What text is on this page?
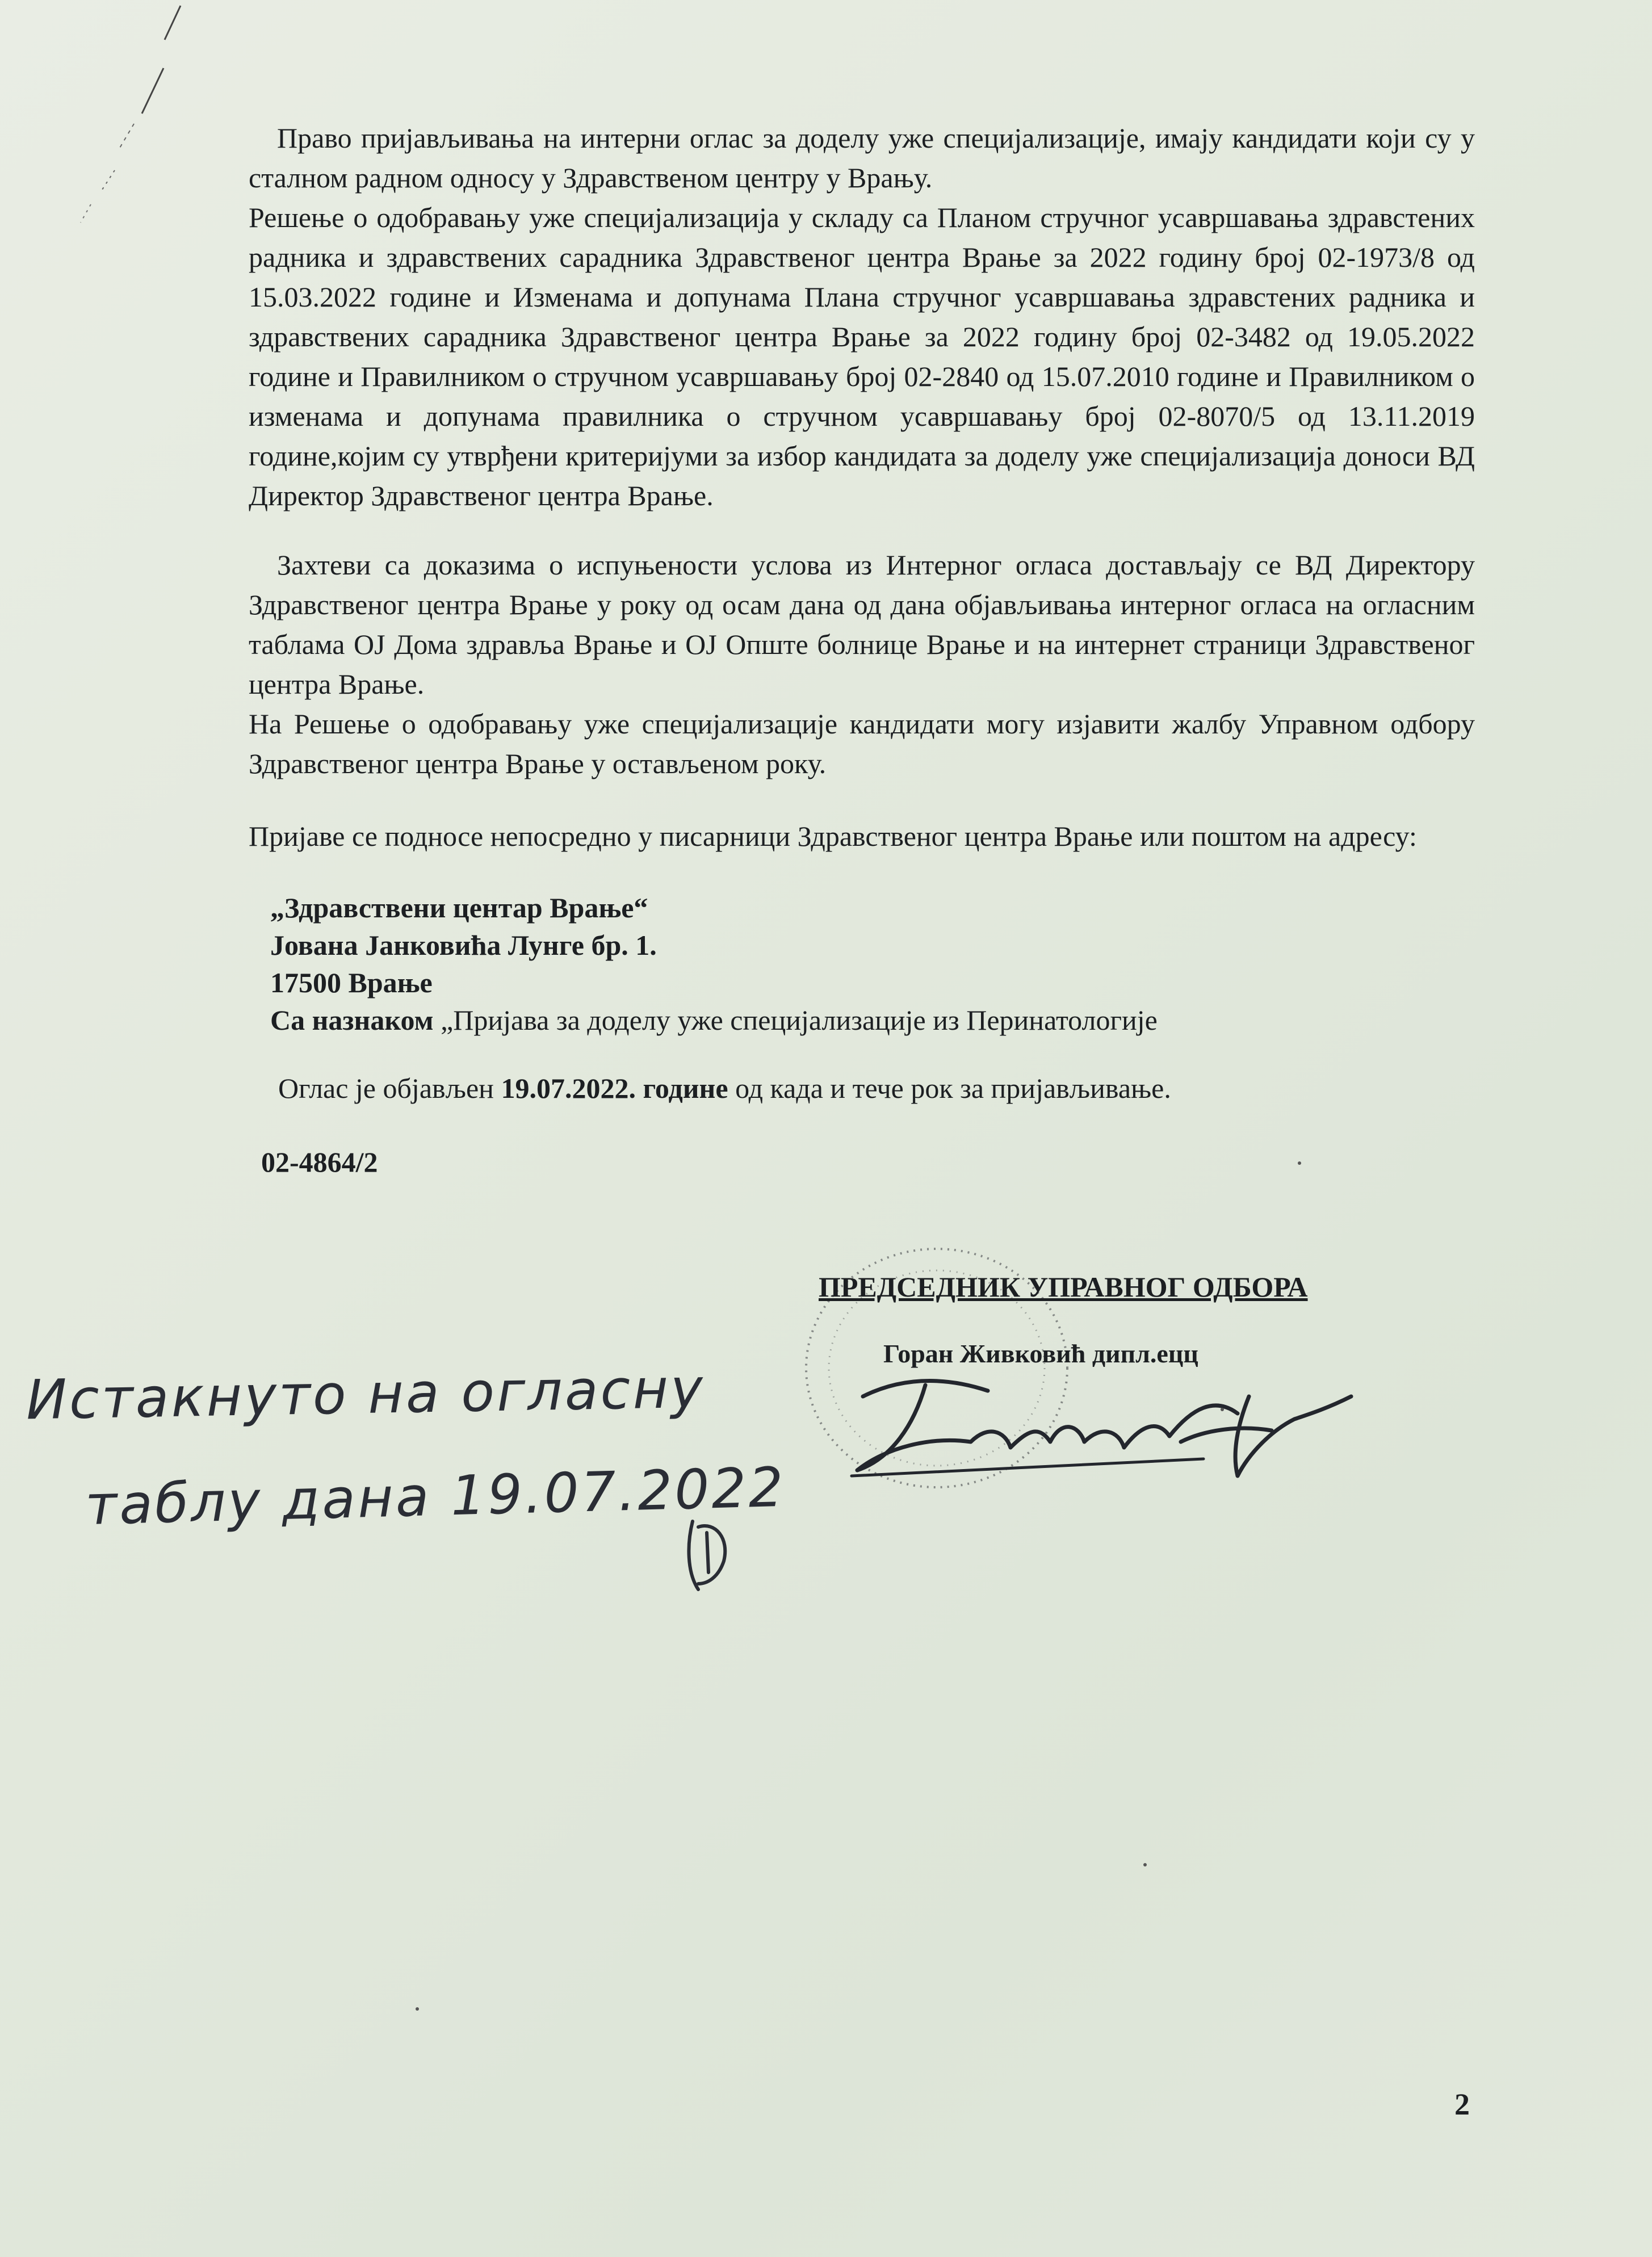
Право пријављивања на интерни оглас за доделу уже специјализације, имају кандидати који су у сталном радном односу у Здравственом центру у Врању.

Решење о одобравању уже специјализација у складу са Планом стручног усавршавања здравстених радника и здравствених сарадника Здравственог центра Врање за 2022 годину број 02-1973/8 од 15.03.2022 године и Изменама и допунама Плана стручног усавршавања здравстених радника и здравствених сарадника Здравственог центра Врање за 2022 годину број 02-3482 од 19.05.2022 године и Правилником о стручном усавршавању број 02-2840 од 15.07.2010 године и Правилником о изменама и допунама правилника о стручном усавршавању број 02-8070/5 од 13.11.2019 године,којим су утврђени критеријуми за избор кандидата за доделу уже специјализација доноси ВД Директор Здравственог центра Врање.

Захтеви са доказима о испуњености услова из Интерног огласа достављају се ВД Директору Здравственог центра Врање у року од осам дана од дана објављивања интерног огласа на огласним таблама ОЈ Дома здравља Врање и ОЈ Опште болнице Врање и на интернет страници Здравственог центра Врање.

На Решење о одобравању уже специјализације кандидати могу изјавити жалбу Управном одбору Здравственог центра Врање у остављеном року.

Пријаве се подносе непосредно у писарници Здравственог центра Врање или поштом на адресу:

„Здравствени центар Врање“
Јована Јанковића Лунге бр. 1.
17500 Врање
Са назнаком „Пријава за доделу уже специјализације из Перинатологије

Оглас је објављен 19.07.2022. године од када и тече рок за пријављивање.

02-4864/2
ПРЕДСЕДНИК УПРАВНОГ ОДБОРА
Горан Живковић дипл.ецц
Истакнуто на огласну
таблу дана 19.07.2022
2
